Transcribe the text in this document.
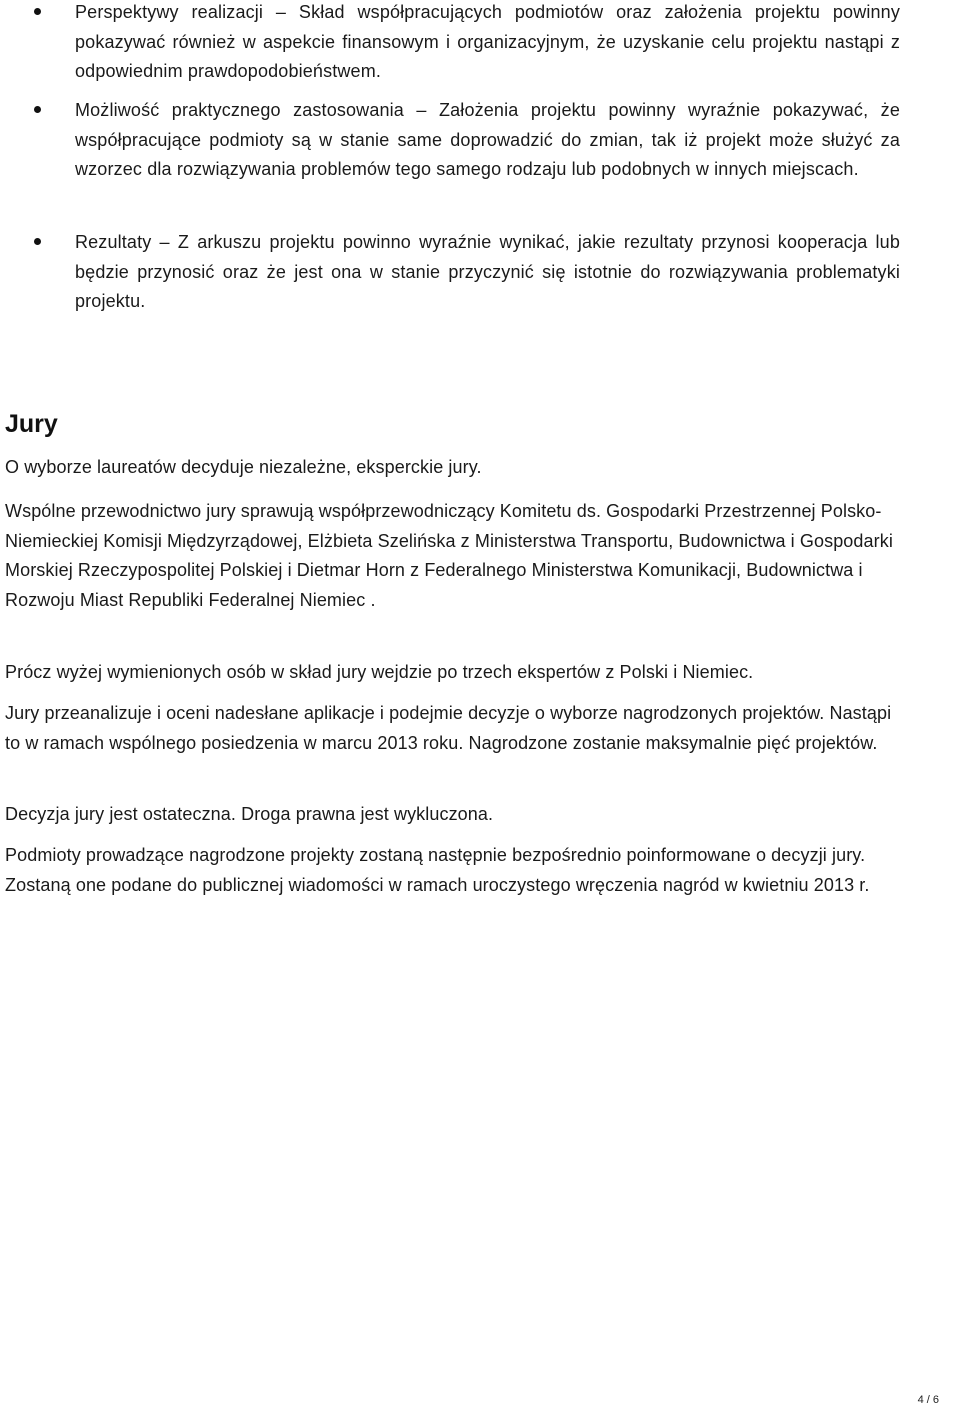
Perspektywy realizacji – Skład współpracujących podmiotów oraz założenia projektu powinny pokazywać również w aspekcie finansowym i organizacyjnym, że uzyskanie celu projektu nastąpi z odpowiednim prawdopodobieństwem.
Możliwość praktycznego zastosowania – Założenia projektu powinny wyraźnie pokazywać, że współpracujące podmioty są w stanie same doprowadzić do zmian, tak iż projekt może służyć za wzorzec dla rozwiązywania problemów tego samego rodzaju lub podobnych w innych miejscach.
Rezultaty – Z arkuszu projektu powinno wyraźnie wynikać, jakie rezultaty przynosi kooperacja lub będzie przynosić oraz że jest ona w stanie przyczynić się istotnie do rozwiązywania problematyki projektu.
Jury
O wyborze laureatów decyduje niezależne, eksperckie jury.
Wspólne przewodnictwo jury sprawują współprzewodniczący Komitetu ds. Gospodarki Przestrzennej Polsko-Niemieckiej Komisji Międzyrządowej, Elżbieta Szelińska z Ministerstwa Transportu, Budownictwa i Gospodarki Morskiej Rzeczypospolitej Polskiej i Dietmar Horn z Federalnego Ministerstwa Komunikacji, Budownictwa i Rozwoju Miast Republiki Federalnej Niemiec .
Prócz wyżej wymienionych osób w skład jury wejdzie po trzech ekspertów z Polski i Niemiec.
Jury przeanalizuje i oceni nadesłane aplikacje i podejmie decyzje o wyborze nagrodzonych projektów. Nastąpi to w ramach wspólnego posiedzenia w marcu 2013 roku. Nagrodzone zostanie maksymalnie pięć projektów.
Decyzja jury jest ostateczna. Droga prawna jest wykluczona.
Podmioty prowadzące nagrodzone projekty zostaną następnie bezpośrednio poinformowane o decyzji jury. Zostaną one podane do publicznej wiadomości w ramach uroczystego wręczenia nagród w kwietniu 2013 r.
4 / 6
